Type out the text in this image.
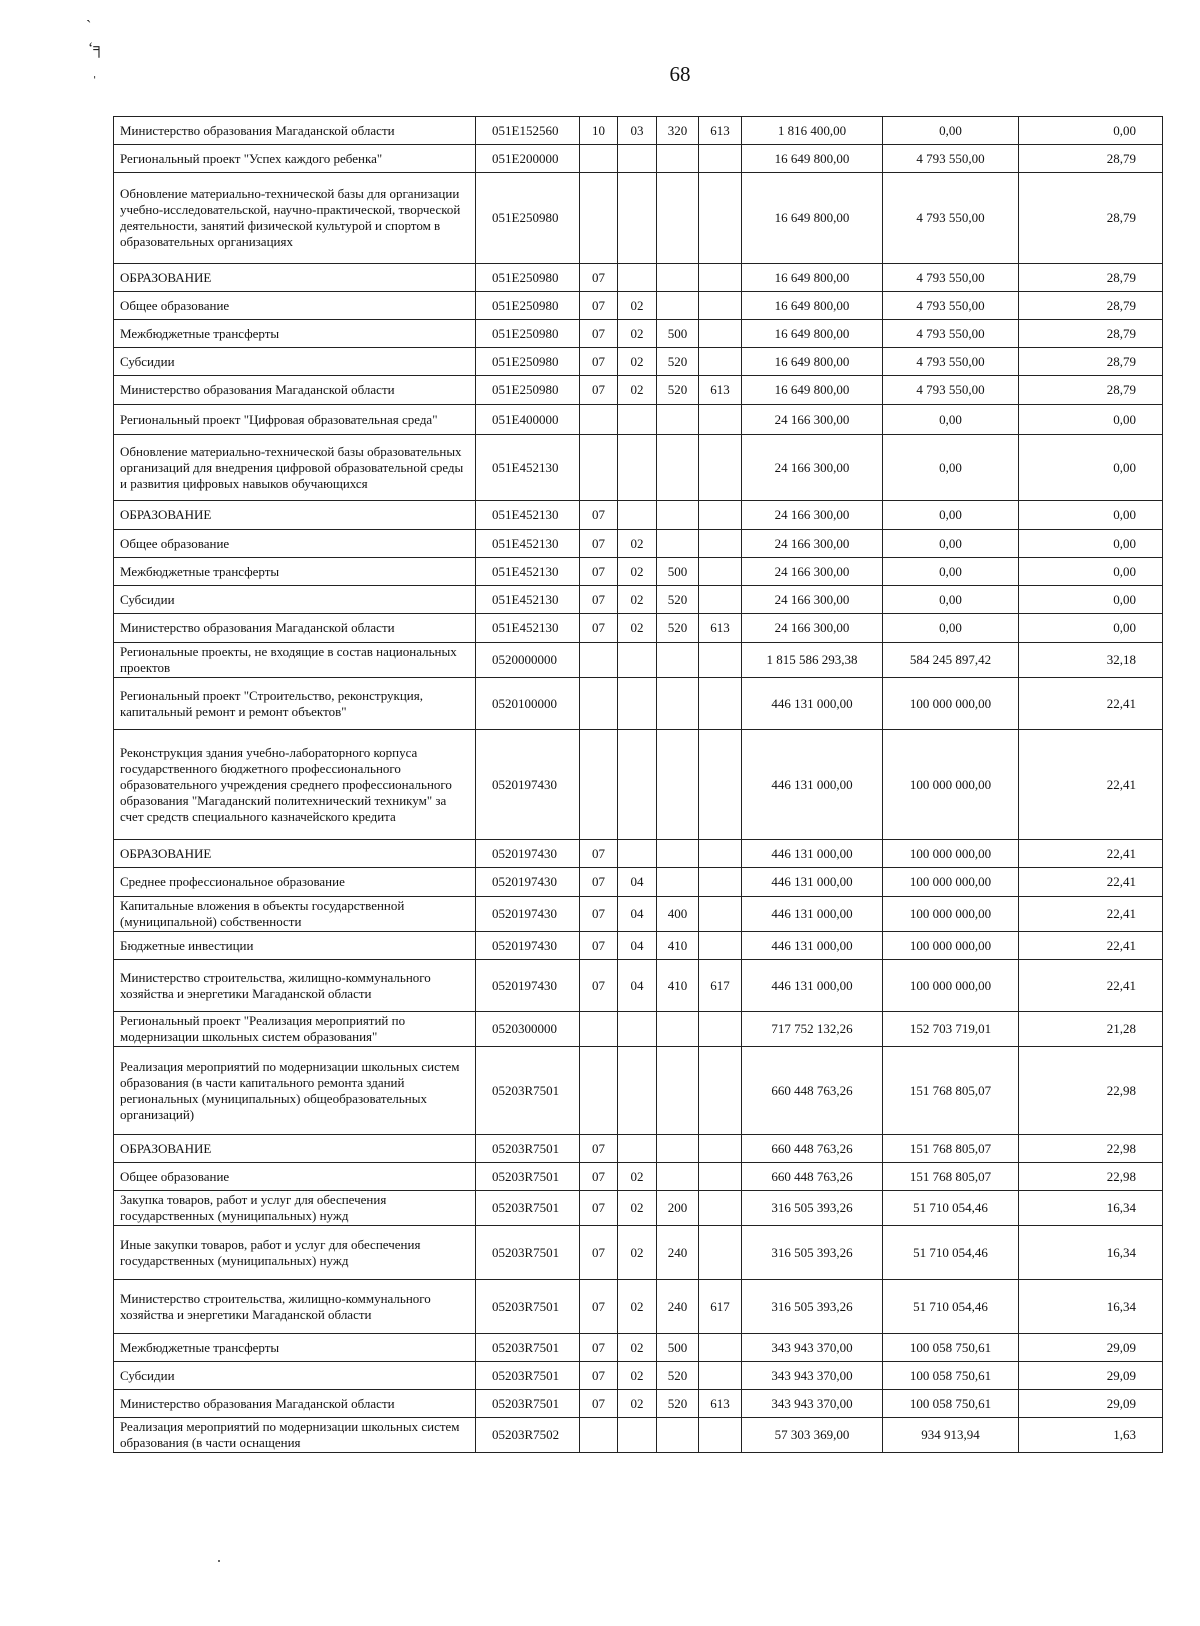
`
ʻ╕
ˌ	68
Министерство образования Магаданской области	051E152560	10	03	320	613	1 816 400,00	0,00	0,00
Региональный проект "Успех каждого ребенка"	051E200000					16 649 800,00	4 793 550,00	28,79
Обновление материально-технической базы для организации учебно-исследовательской, научно-практической, творческой деятельности, занятий физической культурой и спортом в образовательных организациях	051E250980					16 649 800,00	4 793 550,00	28,79
ОБРАЗОВАНИЕ	051E250980	07				16 649 800,00	4 793 550,00	28,79
Общее образование	051E250980	07	02			16 649 800,00	4 793 550,00	28,79
Межбюджетные трансферты	051E250980	07	02	500		16 649 800,00	4 793 550,00	28,79
Субсидии	051E250980	07	02	520		16 649 800,00	4 793 550,00	28,79
Министерство образования Магаданской области	051E250980	07	02	520	613	16 649 800,00	4 793 550,00	28,79
Региональный проект "Цифровая образовательная среда"	051E400000					24 166 300,00	0,00	0,00
Обновление материально-технической базы образовательных организаций для внедрения цифровой образовательной среды и развития цифровых навыков обучающихся	051E452130					24 166 300,00	0,00	0,00
ОБРАЗОВАНИЕ	051E452130	07				24 166 300,00	0,00	0,00
Общее образование	051E452130	07	02			24 166 300,00	0,00	0,00
Межбюджетные трансферты	051E452130	07	02	500		24 166 300,00	0,00	0,00
Субсидии	051E452130	07	02	520		24 166 300,00	0,00	0,00
Министерство образования Магаданской области	051E452130	07	02	520	613	24 166 300,00	0,00	0,00
Региональные проекты, не входящие в состав национальных проектов	0520000000					1 815 586 293,38	584 245 897,42	32,18
Региональный проект "Строительство, реконструкция, капитальный ремонт и ремонт объектов"	0520100000					446 131 000,00	100 000 000,00	22,41
Реконструкция здания учебно-лабораторного корпуса государственного бюджетного профессионального образовательного учреждения среднего профессионального образования "Магаданский политехнический техникум" за счет средств специального казначейского кредита	0520197430					446 131 000,00	100 000 000,00	22,41
ОБРАЗОВАНИЕ	0520197430	07				446 131 000,00	100 000 000,00	22,41
Среднее профессиональное образование	0520197430	07	04			446 131 000,00	100 000 000,00	22,41
Капитальные вложения в объекты государственной (муниципальной) собственности	0520197430	07	04	400		446 131 000,00	100 000 000,00	22,41
Бюджетные инвестиции	0520197430	07	04	410		446 131 000,00	100 000 000,00	22,41
Министерство строительства, жилищно-коммунального хозяйства и энергетики Магаданской области	0520197430	07	04	410	617	446 131 000,00	100 000 000,00	22,41
Региональный проект "Реализация мероприятий по модернизации школьных систем образования"	0520300000					717 752 132,26	152 703 719,01	21,28
Реализация мероприятий по модернизации школьных систем образования (в части капитального ремонта зданий региональных (муниципальных) общеобразовательных организаций)	05203R7501					660 448 763,26	151 768 805,07	22,98
ОБРАЗОВАНИЕ	05203R7501	07				660 448 763,26	151 768 805,07	22,98
Общее образование	05203R7501	07	02			660 448 763,26	151 768 805,07	22,98
Закупка товаров, работ и услуг для обеспечения государственных (муниципальных) нужд	05203R7501	07	02	200		316 505 393,26	51 710 054,46	16,34
Иные закупки товаров, работ и услуг для обеспечения государственных (муниципальных) нужд	05203R7501	07	02	240		316 505 393,26	51 710 054,46	16,34
Министерство строительства, жилищно-коммунального хозяйства и энергетики Магаданской области	05203R7501	07	02	240	617	316 505 393,26	51 710 054,46	16,34
Межбюджетные трансферты	05203R7501	07	02	500		343 943 370,00	100 058 750,61	29,09
Субсидии	05203R7501	07	02	520		343 943 370,00	100 058 750,61	29,09
Министерство образования Магаданской области	05203R7501	07	02	520	613	343 943 370,00	100 058 750,61	29,09
Реализация мероприятий по модернизации школьных систем образования (в части оснащения	05203R7502					57 303 369,00	934 913,94	1,63
